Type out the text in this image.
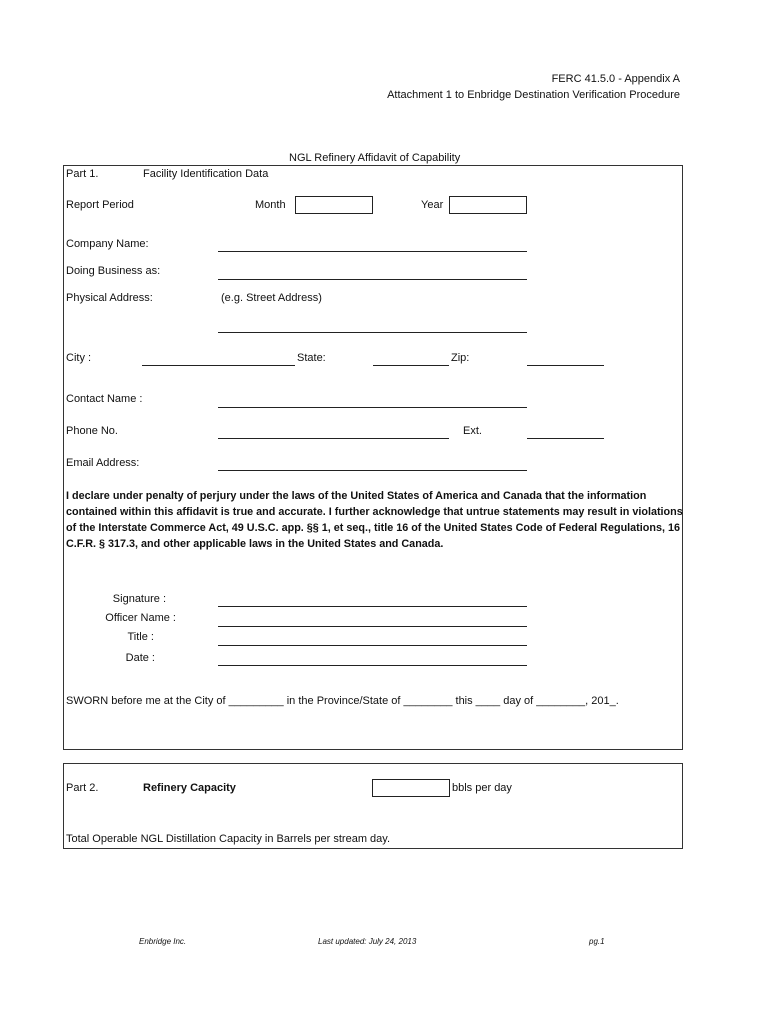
FERC 41.5.0 - Appendix A
Attachment 1 to Enbridge Destination Verification Procedure
NGL Refinery Affidavit of Capability
Part 1.	Facility Identification Data
Report Period	Month	Year
Company Name:
Doing Business as:
Physical Address:	(e.g. Street Address)
City :	State:	Zip:
Contact Name :
Phone No.	Ext.
Email Address:
I declare under penalty of perjury under the laws of the United States of America and Canada that the information contained within this affidavit is true and accurate. I further acknowledge that untrue statements may result in violations of the Interstate Commerce Act, 49 U.S.C. app. §§ 1, et seq., title 16 of the United States Code of Federal Regulations, 16 C.F.R. § 317.3, and other applicable laws in the United States and Canada.
Signature :
Officer Name :
Title :
Date :
SWORN before me at the City of _________ in the Province/State of ________ this ____ day of ________, 201_.
Part 2.	Refinery Capacity	bbls per day
Total Operable NGL Distillation Capacity in Barrels per stream day.
Enbridge Inc.	Last updated: July 24, 2013	pg.1
